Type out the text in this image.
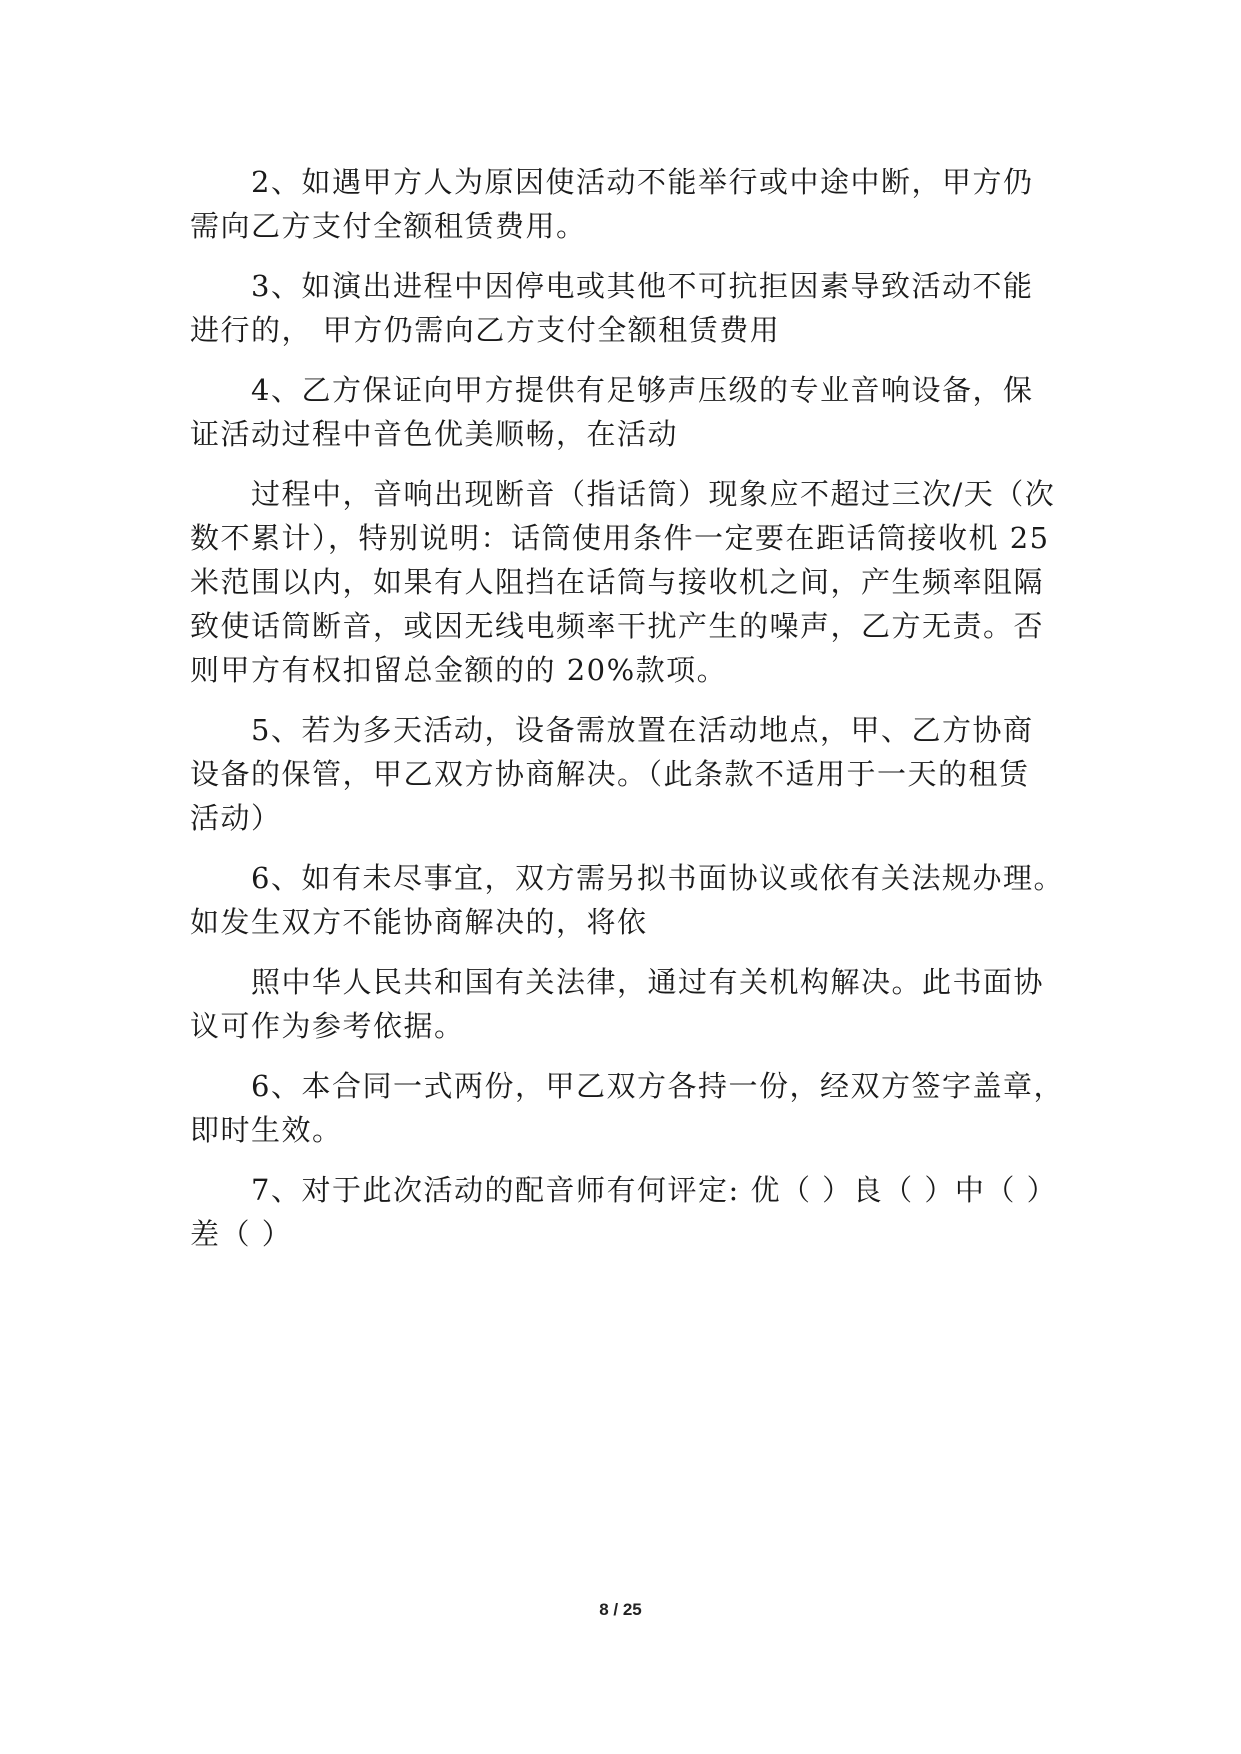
2、如遇甲方人为原因使活动不能举行或中途中断，甲方仍
需向乙方支付全额租赁费用。
3、如演出进程中因停电或其他不可抗拒因素导致活动不能
进行的， 甲方仍需向乙方支付全额租赁费用
4、乙方保证向甲方提供有足够声压级的专业音响设备，保
证活动过程中音色优美顺畅，在活动
过程中，音响出现断音（指话筒）现象应不超过三次/天（次
数不累计），特别说明：话筒使用条件一定要在距话筒接收机 25
米范围以内，如果有人阻挡在话筒与接收机之间，产生频率阻隔
致使话筒断音，或因无线电频率干扰产生的噪声，乙方无责。否
则甲方有权扣留总金额的的 20%款项。
5、若为多天活动，设备需放置在活动地点，甲、乙方协商
设备的保管，甲乙双方协商解决。（此条款不适用于一天的租赁
活动）
6、如有未尽事宜，双方需另拟书面协议或依有关法规办理。
如发生双方不能协商解决的，将依
照中华人民共和国有关法律，通过有关机构解决。此书面协
议可作为参考依据。
6、本合同一式两份，甲乙双方各持一份，经双方签字盖章，
即时生效。
7、对于此次活动的配音师有何评定: 优（ ）良（ ）中（ ）
差（ ）
8 / 25
